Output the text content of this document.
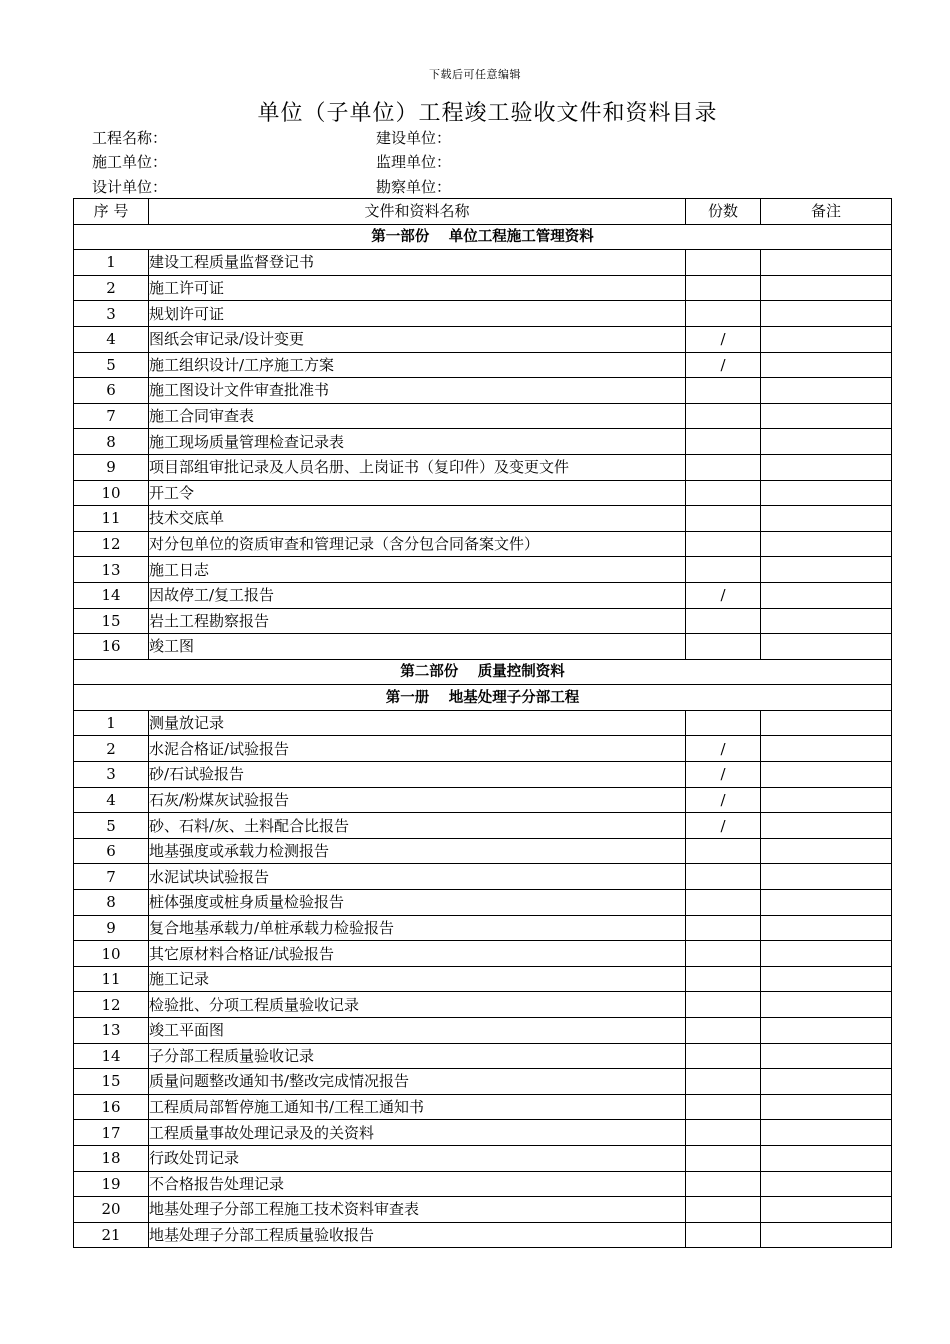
下载后可任意编辑
单位（子单位）工程竣工验收文件和资料目录
工程名称：	建设单位：
施工单位：	监理单位：
设计单位：	勘察单位：
序 号	文件和资料名称	份数	备注
第一部份　 单位工程施工管理资料			
1	建设工程质量监督登记书		
2	施工许可证		
3	规划许可证		
4	图纸会审记录/设计变更	/	
5	施工组织设计/工序施工方案	/	
6	施工图设计文件审查批准书		
7	施工合同审查表		
8	施工现场质量管理检查记录表		
9	项目部组审批记录及人员名册、上岗证书（复印件）及变更文件		
10	开工令		
11	技术交底单		
12	对分包单位的资质审查和管理记录（含分包合同备案文件）		
13	施工日志		
14	因故停工/复工报告	/	
15	岩土工程勘察报告		
16	竣工图		
第二部份　 质量控制资料			
第一册　 地基处理子分部工程			
1	测量放记录		
2	水泥合格证/试验报告	/	
3	砂/石试验报告	/	
4	石灰/粉煤灰试验报告	/	
5	砂、石料/灰、土料配合比报告	/	
6	地基强度或承载力检测报告		
7	水泥试块试验报告		
8	桩体强度或桩身质量检验报告		
9	复合地基承载力/单桩承载力检验报告		
10	其它原材料合格证/试验报告		
11	施工记录		
12	检验批、分项工程质量验收记录		
13	竣工平面图		
14	子分部工程质量验收记录		
15	质量问题整改通知书/整改完成情况报告		
16	工程质局部暂停施工通知书/工程工通知书		
17	工程质量事故处理记录及的关资料		
18	行政处罚记录		
19	不合格报告处理记录		
20	地基处理子分部工程施工技术资料审查表		
21	地基处理子分部工程质量验收报告		
